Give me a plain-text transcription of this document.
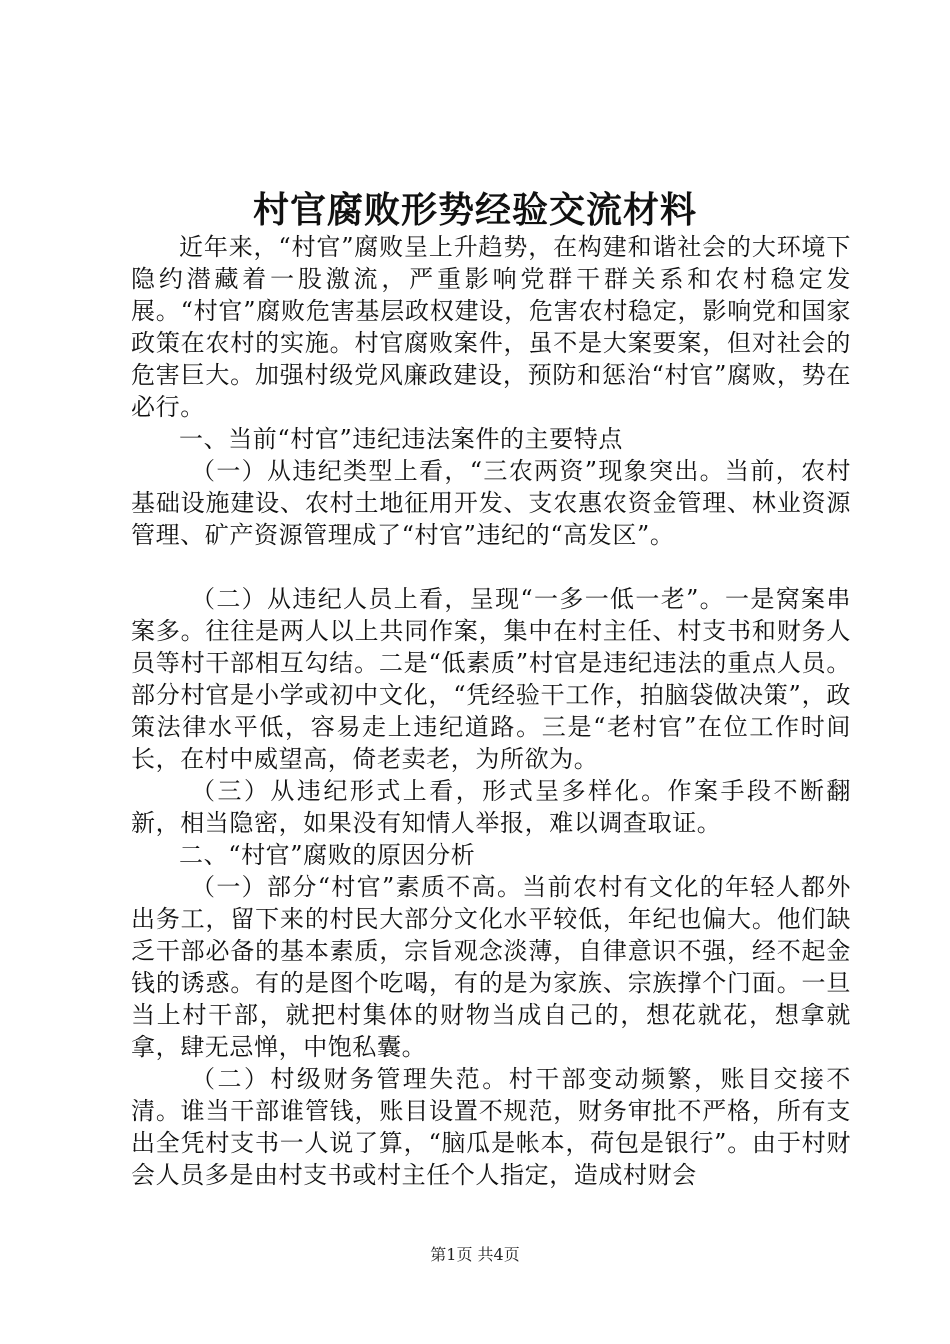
村官腐败形势经验交流材料

近年来，“村官”腐败呈上升趋势，在构建和谐社会的大环境下隐约潜藏着一股激流，严重影响党群干群关系和农村稳定发展。“村官”腐败危害基层政权建设，危害农村稳定，影响党和国家政策在农村的实施。村官腐败案件，虽不是大案要案，但对社会的危害巨大。加强村级党风廉政建设，预防和惩治“村官”腐败，势在必行。

一、当前“村官”违纪违法案件的主要特点

（一）从违纪类型上看，“三农两资”现象突出。当前，农村基础设施建设、农村土地征用开发、支农惠农资金管理、林业资源管理、矿产资源管理成了“村官”违纪的“高发区”。

（二）从违纪人员上看，呈现“一多一低一老”。一是窝案串案多。往往是两人以上共同作案，集中在村主任、村支书和财务人员等村干部相互勾结。二是“低素质”村官是违纪违法的重点人员。部分村官是小学或初中文化，“凭经验干工作，拍脑袋做决策”，政策法律水平低，容易走上违纪道路。三是“老村官”在位工作时间长，在村中威望高，倚老卖老，为所欲为。

（三）从违纪形式上看，形式呈多样化。作案手段不断翻新，相当隐密，如果没有知情人举报，难以调查取证。

二、“村官”腐败的原因分析

（一）部分“村官”素质不高。当前农村有文化的年轻人都外出务工，留下来的村民大部分文化水平较低，年纪也偏大。他们缺乏干部必备的基本素质，宗旨观念淡薄，自律意识不强，经不起金钱的诱惑。有的是图个吃喝，有的是为家族、宗族撑个门面。一旦当上村干部，就把村集体的财物当成自己的，想花就花，想拿就拿，肆无忌惮，中饱私囊。

（二）村级财务管理失范。村干部变动频繁，账目交接不清。谁当干部谁管钱，账目设置不规范，财务审批不严格，所有支出全凭村支书一人说了算，“脑瓜是帐本，荷包是银行”。由于村财会人员多是由村支书或村主任个人指定，造成村财会

第1页 共4页
